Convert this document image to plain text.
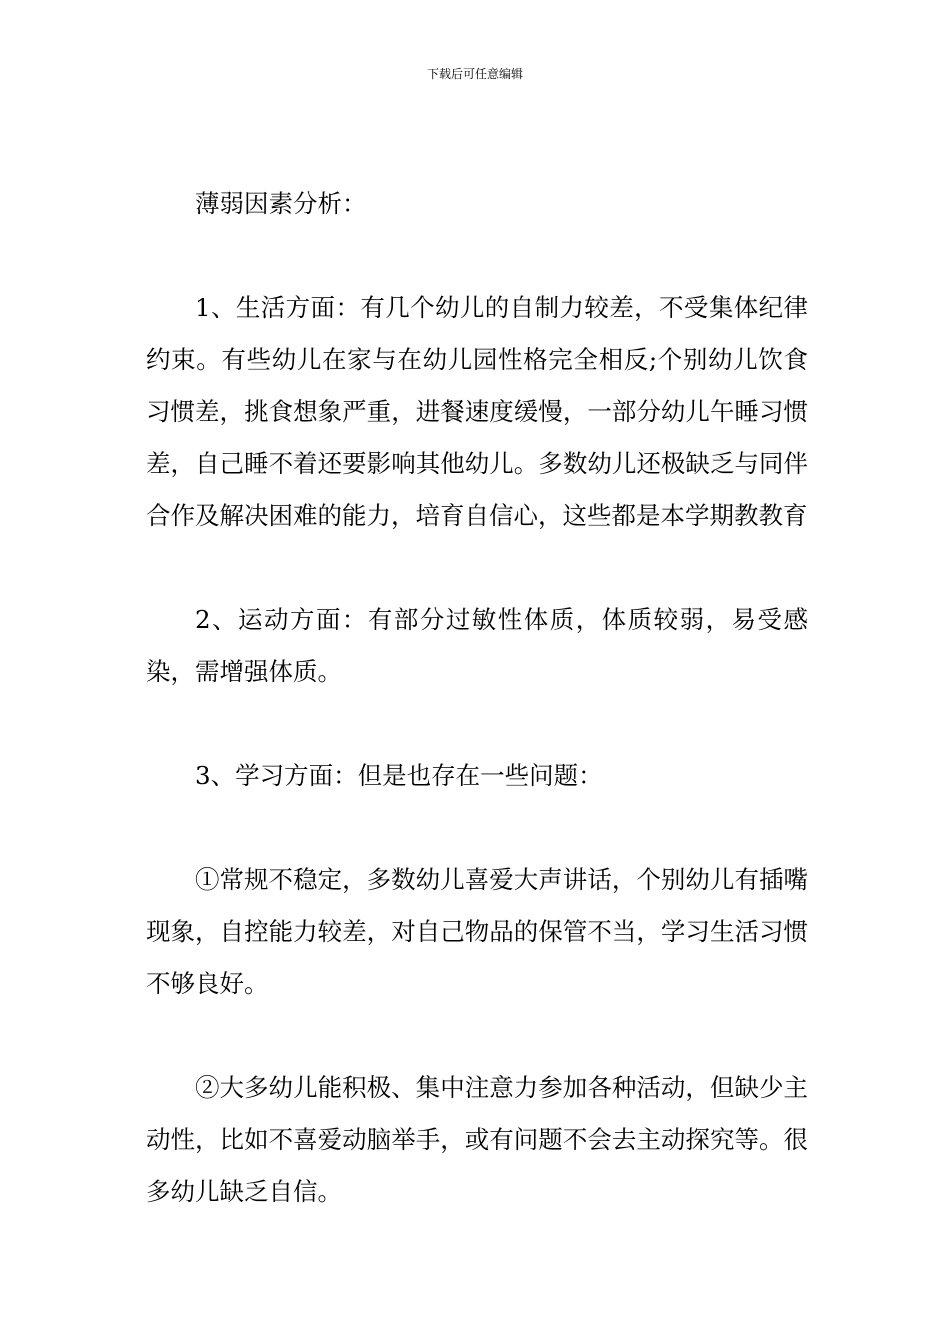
下载后可任意编辑

薄弱因素分析：

1、生活方面：有几个幼儿的自制力较差，不受集体纪律约束。有些幼儿在家与在幼儿园性格完全相反;个别幼儿饮食习惯差，挑食想象严重，进餐速度缓慢，一部分幼儿午睡习惯差，自己睡不着还要影响其他幼儿。多数幼儿还极缺乏与同伴合作及解决困难的能力，培育自信心，这些都是本学期教教育

2、运动方面：有部分过敏性体质，体质较弱，易受感染，需增强体质。

3、学习方面：但是也存在一些问题：

①常规不稳定，多数幼儿喜爱大声讲话，个别幼儿有插嘴现象，自控能力较差，对自己物品的保管不当，学习生活习惯不够良好。

②大多幼儿能积极、集中注意力参加各种活动，但缺少主动性，比如不喜爱动脑举手，或有问题不会去主动探究等。很多幼儿缺乏自信。
